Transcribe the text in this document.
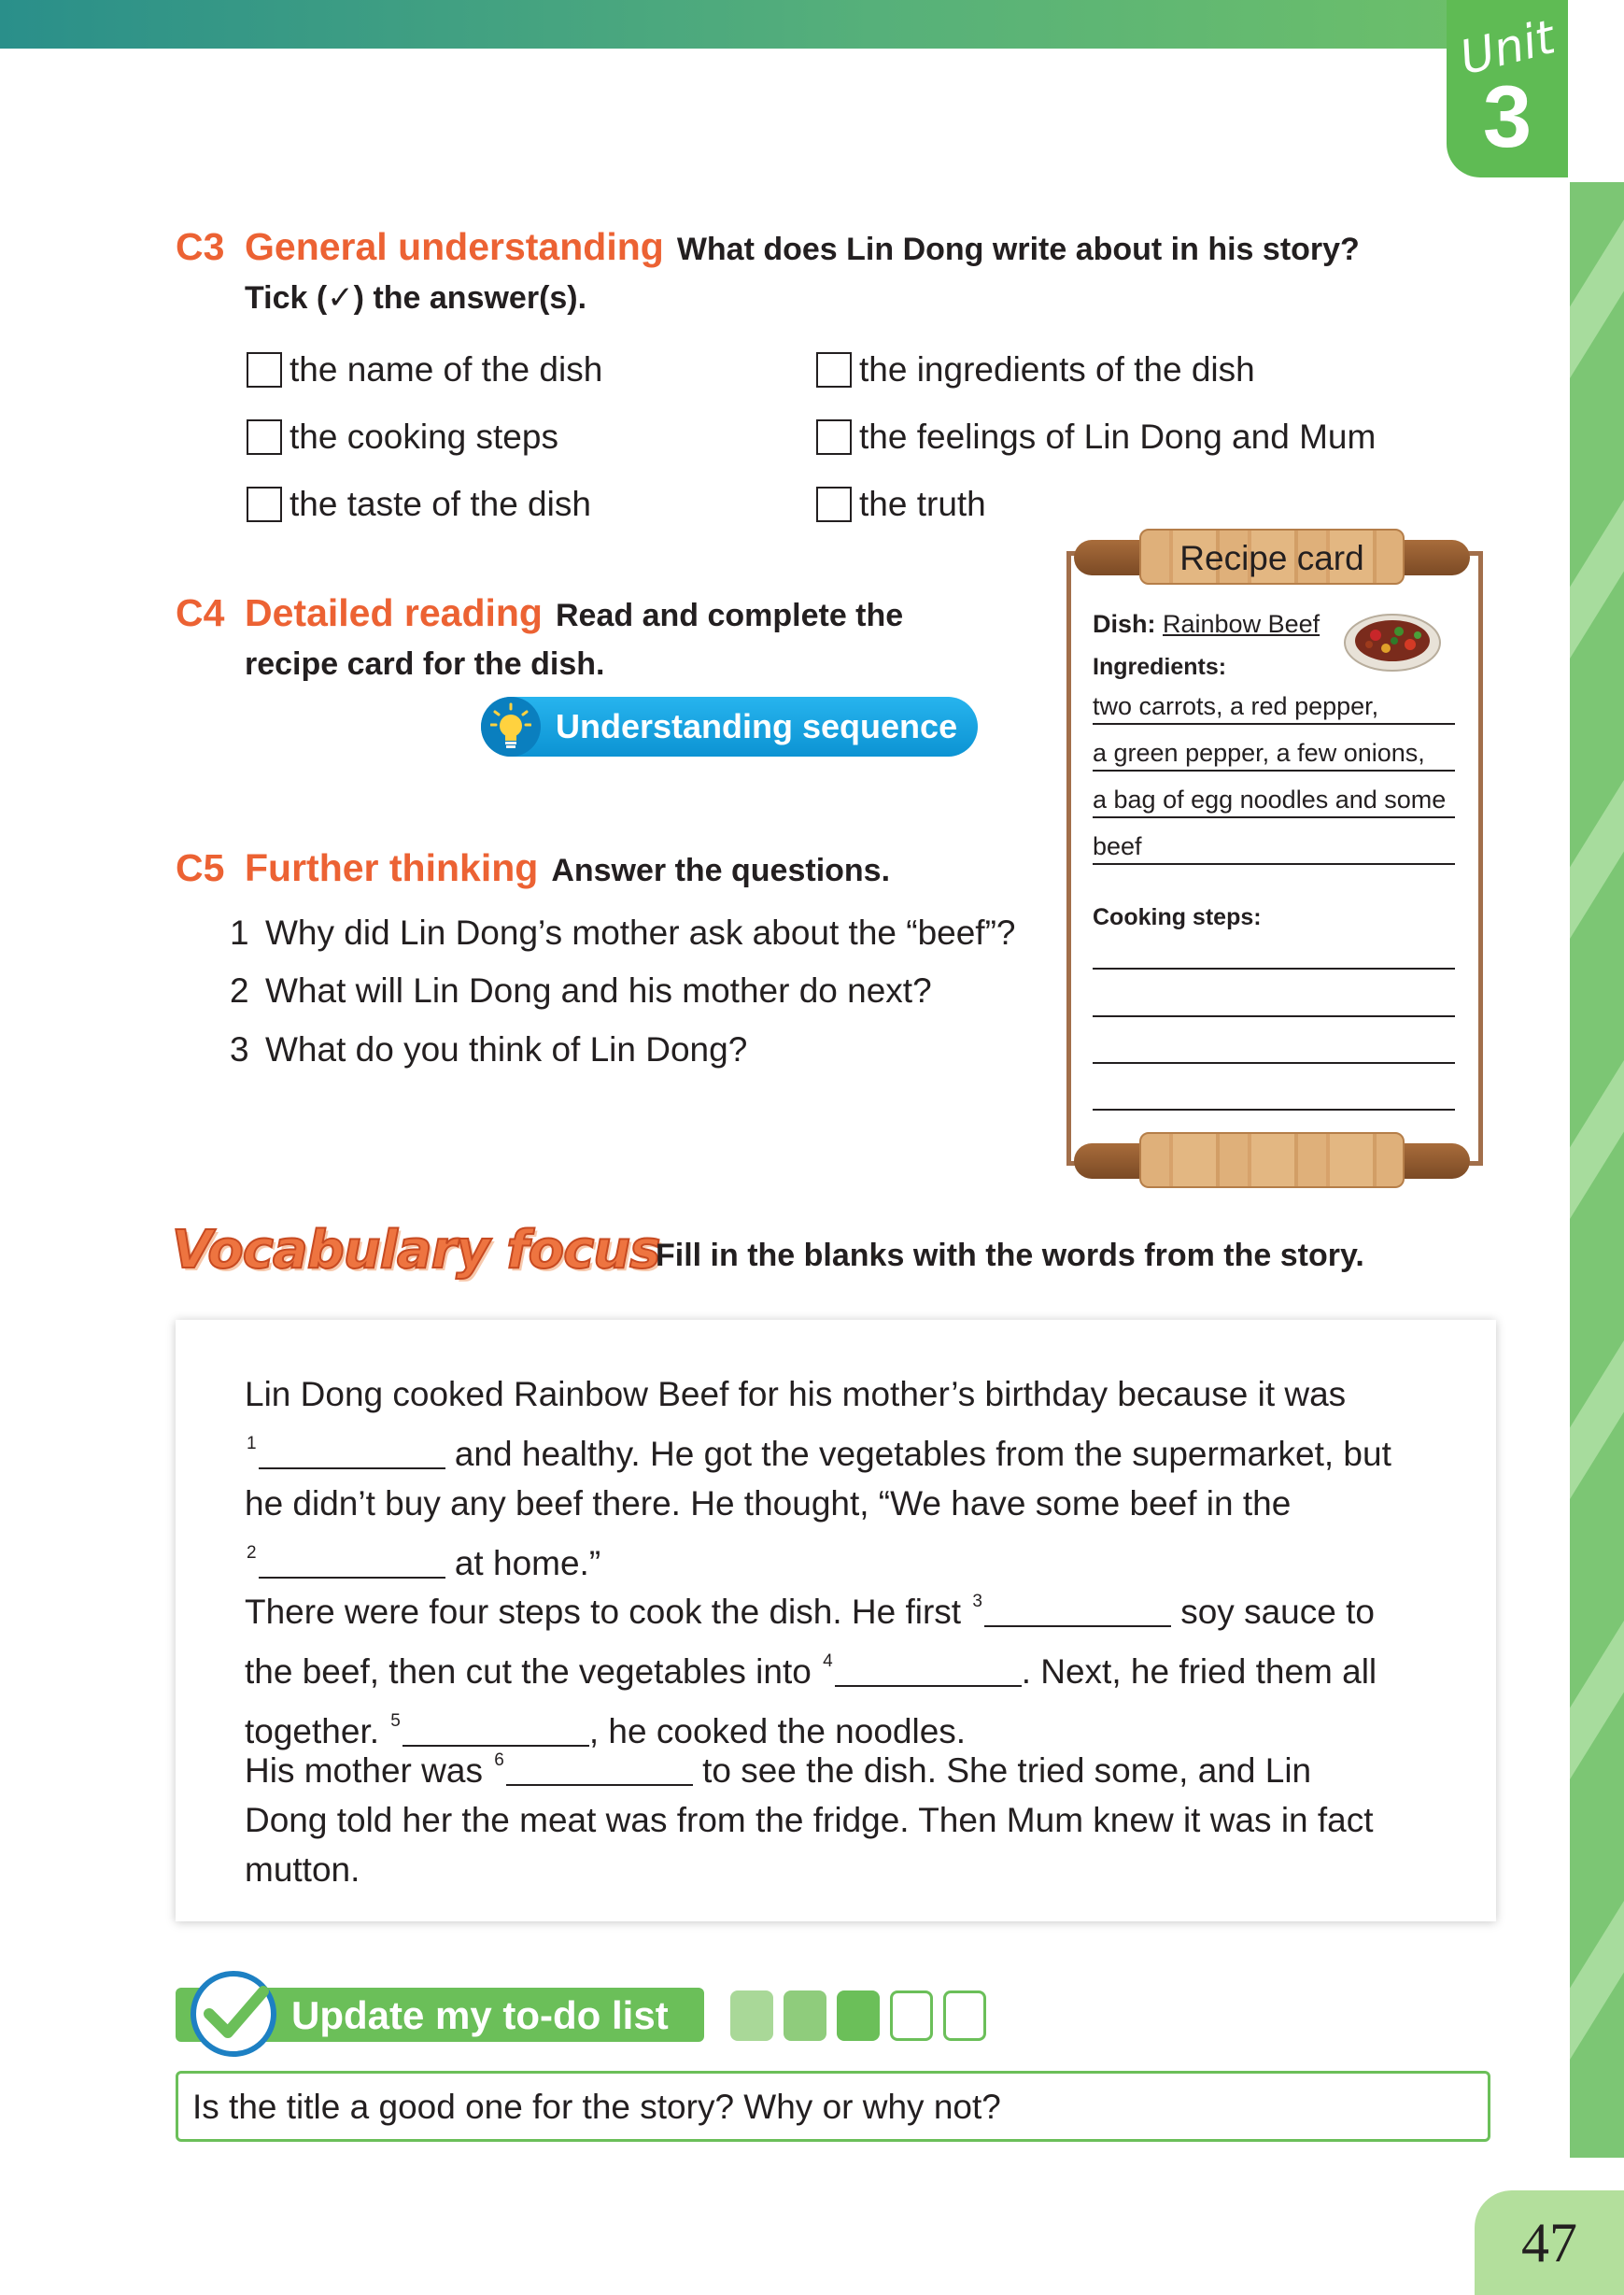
Unit
3
C3 General understanding What does Lin Dong write about in his story?
Tick (✓) the answer(s).
the name of the dish	the ingredients of the dish
the cooking steps	the feelings of Lin Dong and Mum
the taste of the dish	the truth
C4 Detailed reading Read and complete the
recipe card for the dish.
Understanding sequence
C5 Further thinking Answer the questions.
1 Why did Lin Dong’s mother ask about the “beef”?
2 What will Lin Dong and his mother do next?
3 What do you think of Lin Dong?
Recipe card
Dish: Rainbow Beef
Ingredients:
two carrots, a red pepper,
a green pepper, a few onions,
a bag of egg noodles and some
beef
Cooking steps:
Vocabulary focus
Fill in the blanks with the words from the story.
Lin Dong cooked Rainbow Beef for his mother’s birthday because it was
$^1$	and healthy. He got the vegetables from the supermarket, but
he didn’t buy any beef there. He thought, “We have some beef in the
$^2$	at home.”
There were four steps to cook the dish. He first $^3$	soy sauce to
the beef, then cut the vegetables into $^4$	. Next, he fried them all
together. $^5$	, he cooked the noodles.
His mother was $^6$	to see the dish. She tried some, and Lin
Dong told her the meat was from the fridge. Then Mum knew it was in fact
mutton.
Update my to-do list
Is the title a good one for the story? Why or why not?
47
